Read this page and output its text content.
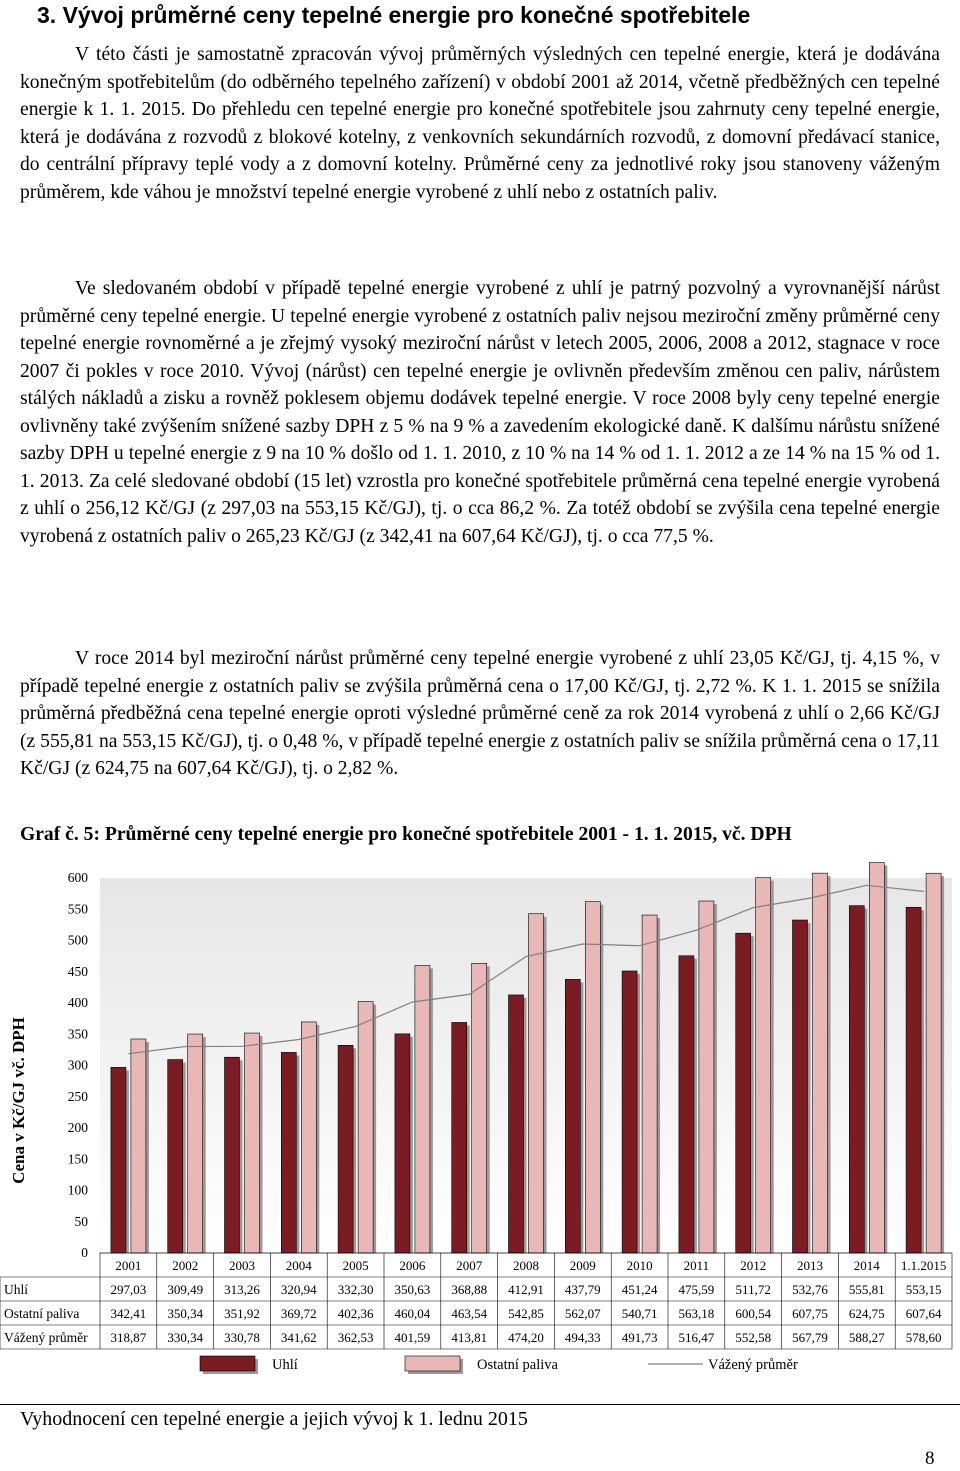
3. Vývoj průměrné ceny tepelné energie pro konečné spotřebitele

V této části je samostatně zpracován vývoj průměrných výsledných cen tepelné energie, která je dodávána konečným spotřebitelům (do odběrného tepelného zařízení) v období 2001 až 2014, včetně předběžných cen tepelné energie k 1. 1. 2015. Do přehledu cen tepelné energie pro konečné spotřebitele jsou zahrnuty ceny tepelné energie, která je dodávána z rozvodů z blokové kotelny, z venkovních sekundárních rozvodů, z domovní předávací stanice, do centrální přípravy teplé vody a z domovní kotelny. Průměrné ceny za jednotlivé roky jsou stanoveny váženým průměrem, kde váhou je množství tepelné energie vyrobené z uhlí nebo z ostatních paliv.

Ve sledovaném období v případě tepelné energie vyrobené z uhlí je patrný pozvolný a vyrovnanější nárůst průměrné ceny tepelné energie. U tepelné energie vyrobené z ostatních paliv nejsou meziroční změny průměrné ceny tepelné energie rovnoměrné a je zřejmý vysoký meziroční nárůst v letech 2005, 2006, 2008 a 2012, stagnace v roce 2007 či pokles v roce 2010. Vývoj (nárůst) cen tepelné energie je ovlivněn především změnou cen paliv, nárůstem stálých nákladů a zisku a rovněž poklesem objemu dodávek tepelné energie. V roce 2008 byly ceny tepelné energie ovlivněny také zvýšením snížené sazby DPH z 5 % na 9 % a zavedením ekologické daně. K dalšímu nárůstu snížené sazby DPH u tepelné energie z 9 na 10 % došlo od 1. 1. 2010, z 10 % na 14 % od 1. 1. 2012 a ze 14 % na 15 % od 1. 1. 2013. Za celé sledované období (15 let) vzrostla pro konečné spotřebitele průměrná cena tepelné energie vyrobená z uhlí o 256,12 Kč/GJ (z 297,03 na 553,15 Kč/GJ), tj. o cca 86,2 %. Za totéž období se zvýšila cena tepelné energie vyrobená z ostatních paliv o 265,23 Kč/GJ (z 342,41 na 607,64 Kč/GJ), tj. o cca 77,5 %.

V roce 2014 byl meziroční nárůst průměrné ceny tepelné energie vyrobené z uhlí 23,05 Kč/GJ, tj. 4,15 %, v případě tepelné energie z ostatních paliv se zvýšila průměrná cena o 17,00 Kč/GJ, tj. 2,72 %. K 1. 1. 2015 se snížila průměrná předběžná cena tepelné energie oproti výsledné průměrné ceně za rok 2014 vyrobená z uhlí o 2,66 Kč/GJ (z 555,81 na 553,15 Kč/GJ), tj. o 0,48 %, v případě tepelné energie z ostatních paliv se snížila průměrná cena o 17,11 Kč/GJ (z 624,75 na 607,64 Kč/GJ), tj. o 2,82 %.

Graf č. 5: Průměrné ceny tepelné energie pro konečné spotřebitele 2001 - 1. 1. 2015, vč. DPH

0
50
100
150
200
250
300
350
400
450
500
550
600
Cena v Kč/GJ vč. DPH
2001 2002 2003 2004 2005 2006 2007 2008 2009 2010 2011 2012 2013 2014 1.1.2015
Uhlí	297,03 309,49 313,26 320,94 332,30 350,63 368,88 412,91 437,79 451,24 475,59 511,72 532,76 555,81 553,15
Ostatní paliva 342,41 350,34 351,92 369,72 402,36 460,04 463,54 542,85 562,07 540,71 563,18 600,54 607,75 624,75 607,64
Vážený průměr 318,87 330,34 330,78 341,62 362,53 401,59 413,81 474,20 494,33 491,73 516,47 552,58 567,79 588,27 578,60
Uhlí	Ostatní paliva	Vážený průměr

Vyhodnocení cen tepelné energie a jejich vývoj k 1. lednu 2015

8
